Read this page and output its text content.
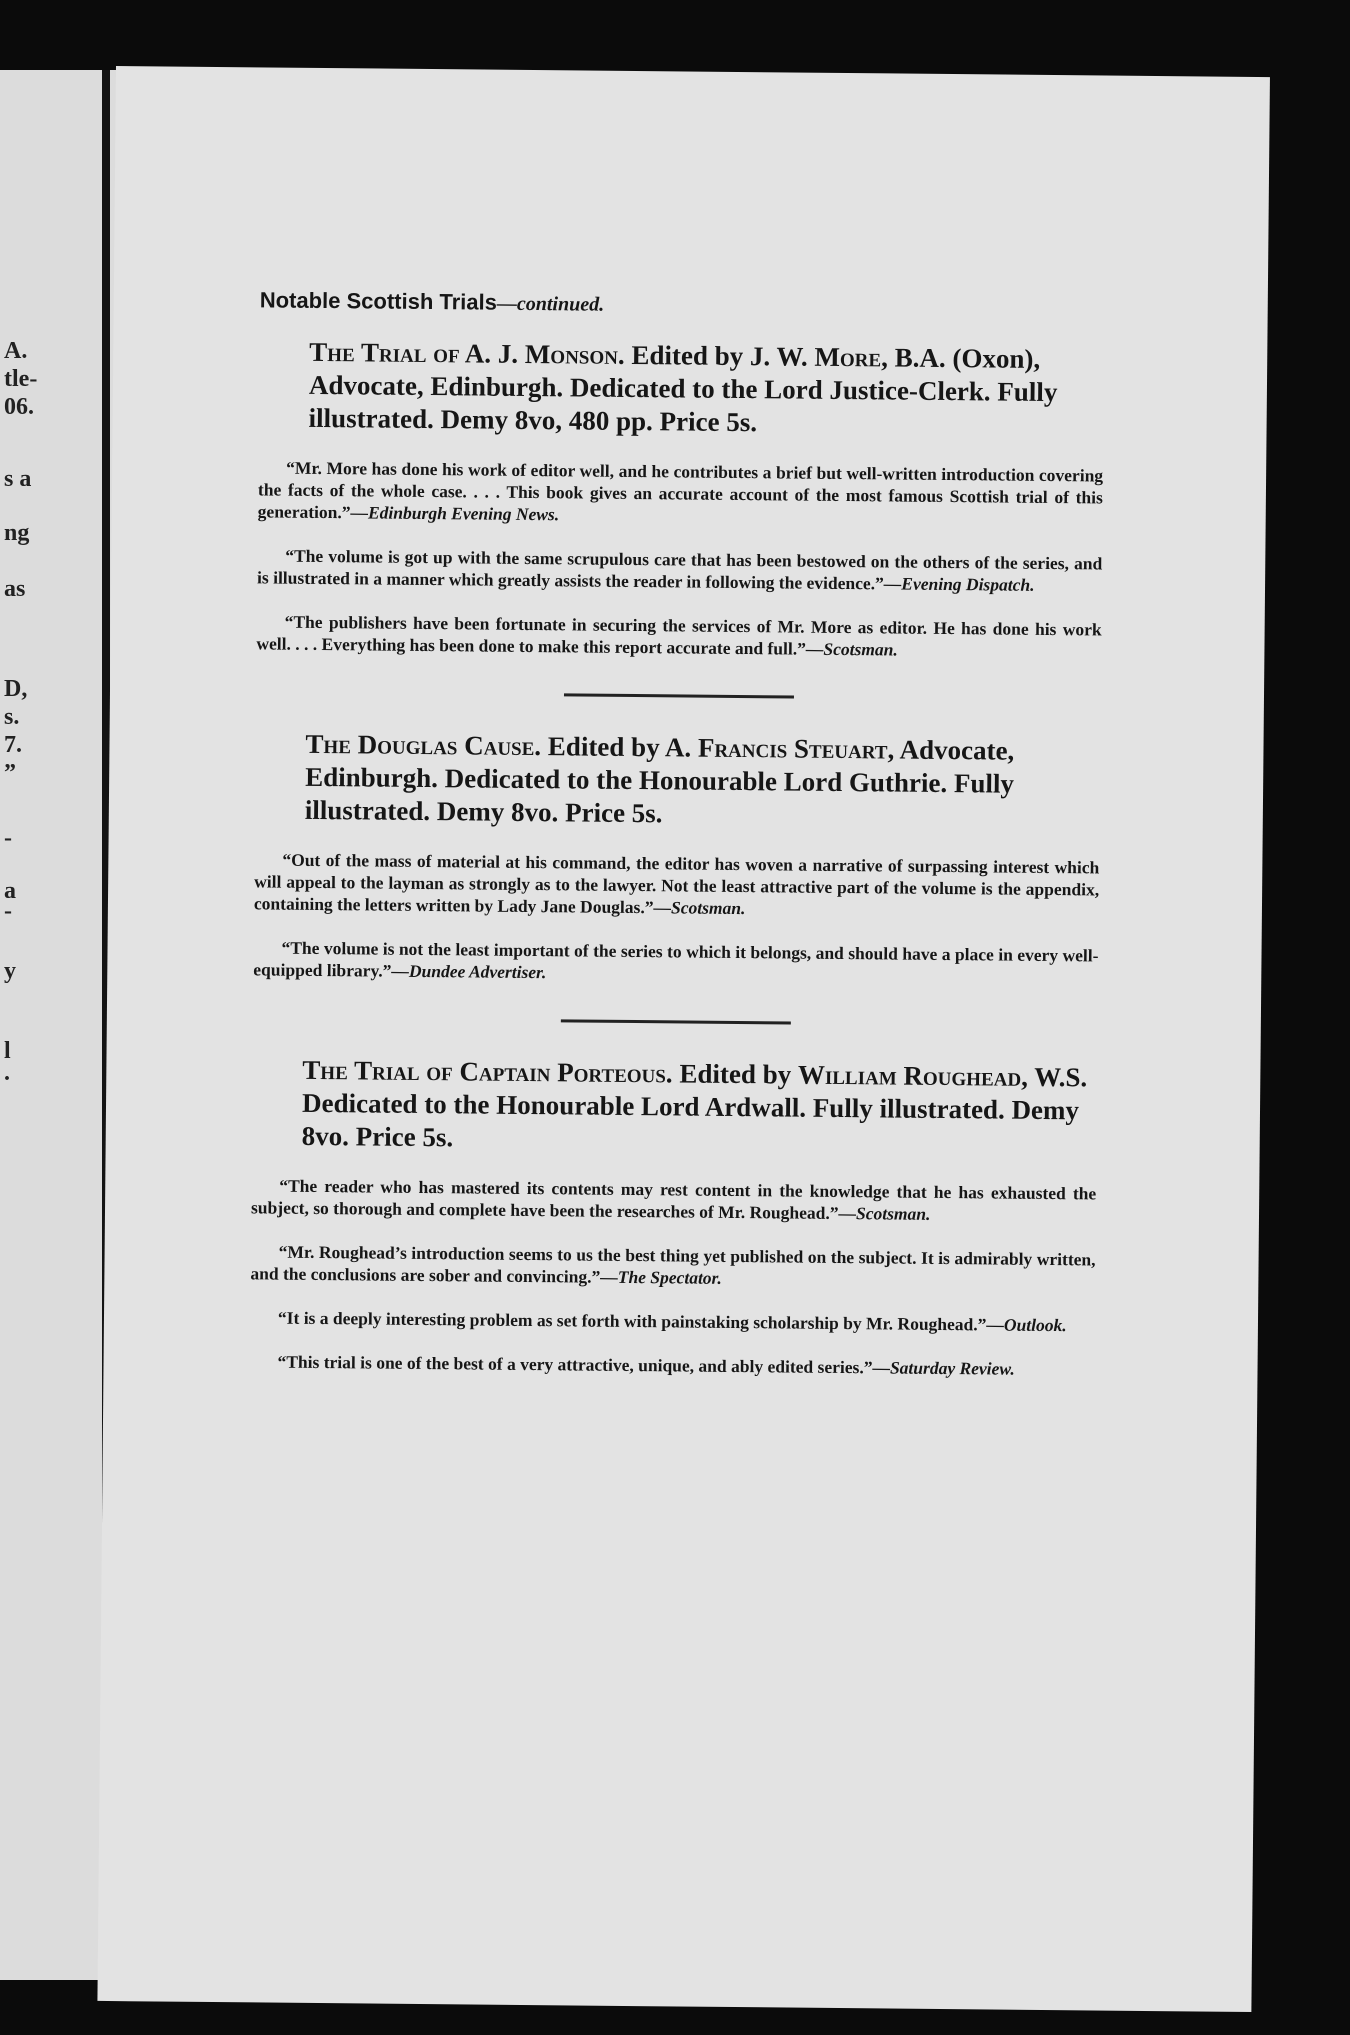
A.
tle-
06.
s a
ng
as
D,
s.
7.
”
-
a
-
y
l
.
Notable Scottish Trials—continued.
The Trial of A. J. Monson. Edited by J. W. More, B.A. (Oxon), Advocate, Edinburgh. Dedicated to the Lord Justice-Clerk. Fully illustrated. Demy 8vo, 480 pp. Price 5s.

“Mr. More has done his work of editor well, and he contributes a brief but well-written introduction covering the facts of the whole case. . . . This book gives an accurate account of the most famous Scottish trial of this generation.”—Edinburgh Evening News.

“The volume is got up with the same scrupulous care that has been bestowed on the others of the series, and is illustrated in a manner which greatly assists the reader in following the evidence.”—Evening Dispatch.

“The publishers have been fortunate in securing the services of Mr. More as editor. He has done his work well. . . . Everything has been done to make this report accurate and full.”—Scotsman.

The Douglas Cause. Edited by A. Francis Steuart, Advocate, Edinburgh. Dedicated to the Honourable Lord Guthrie. Fully illustrated. Demy 8vo. Price 5s.

“Out of the mass of material at his command, the editor has woven a narrative of surpassing interest which will appeal to the layman as strongly as to the lawyer. Not the least attractive part of the volume is the appendix, containing the letters written by Lady Jane Douglas.”—Scotsman.

“The volume is not the least important of the series to which it belongs, and should have a place in every well-equipped library.”—Dundee Advertiser.

The Trial of Captain Porteous. Edited by William Roughead, W.S. Dedicated to the Honourable Lord Ardwall. Fully illustrated. Demy 8vo. Price 5s.

“The reader who has mastered its contents may rest content in the knowledge that he has exhausted the subject, so thorough and complete have been the researches of Mr. Roughead.”—Scotsman.

“Mr. Roughead’s introduction seems to us the best thing yet published on the subject. It is admirably written, and the conclusions are sober and convincing.”—The Spectator.

“It is a deeply interesting problem as set forth with painstaking scholarship by Mr. Roughead.”—Outlook.

“This trial is one of the best of a very attractive, unique, and ably edited series.”—Saturday Review.
